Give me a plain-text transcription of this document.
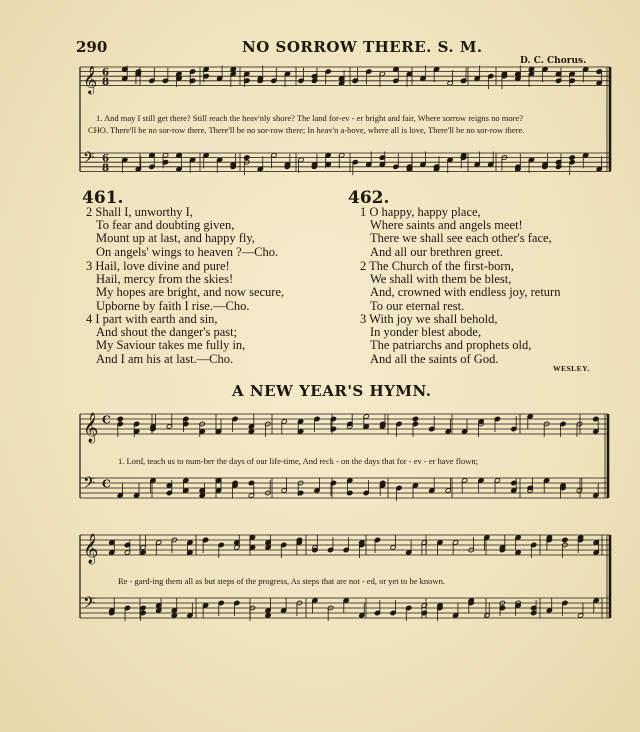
290	NO SORROW THERE. S. M.
D. C. Chorus.
𝄞
𝄢
6
8
6
8
𝄞
𝄢
C
C
𝄞
𝄢
1. And may I still get there? Still reach the heav'nly shore? The land for-ev - er bright and fair, Where sorrow reigns no more?
CHO. There'll be no sor-row there, There'll be no sor-row there; In heav'n a-bove, where all is love, There'll be no sor-row there.
461.
2 Shall I, unworthy I,
To fear and doubting given,
Mount up at last, and happy fly,
On angels' wings to heaven ?—Cho.
3 Hail, love divine and pure!
Hail, mercy from the skies!
My hopes are bright, and now secure,
Upborne by faith I rise.—Cho.
4 I part with earth and sin,
And shout the danger's past;
My Saviour takes me fully in,
And I am his at last.—Cho.
462.
1 O happy, happy place,
Where saints and angels meet!
There we shall see each other's face,
And all our brethren greet.
2 The Church of the first-born,
We shall with them be blest,
And, crowned with endless joy, return
To our eternal rest.
3 With joy we shall behold,
In yonder blest abode,
The patriarchs and prophets old,
And all the saints of God.
WESLEY.
A NEW YEAR'S HYMN.
1. Lord, teach us to num-ber the days of our life-time, And reck - on the days that for - ev - er have flown;
Re - gard-ing them all as but steps of the progress, As steps that are not - ed, or yet to be known.
